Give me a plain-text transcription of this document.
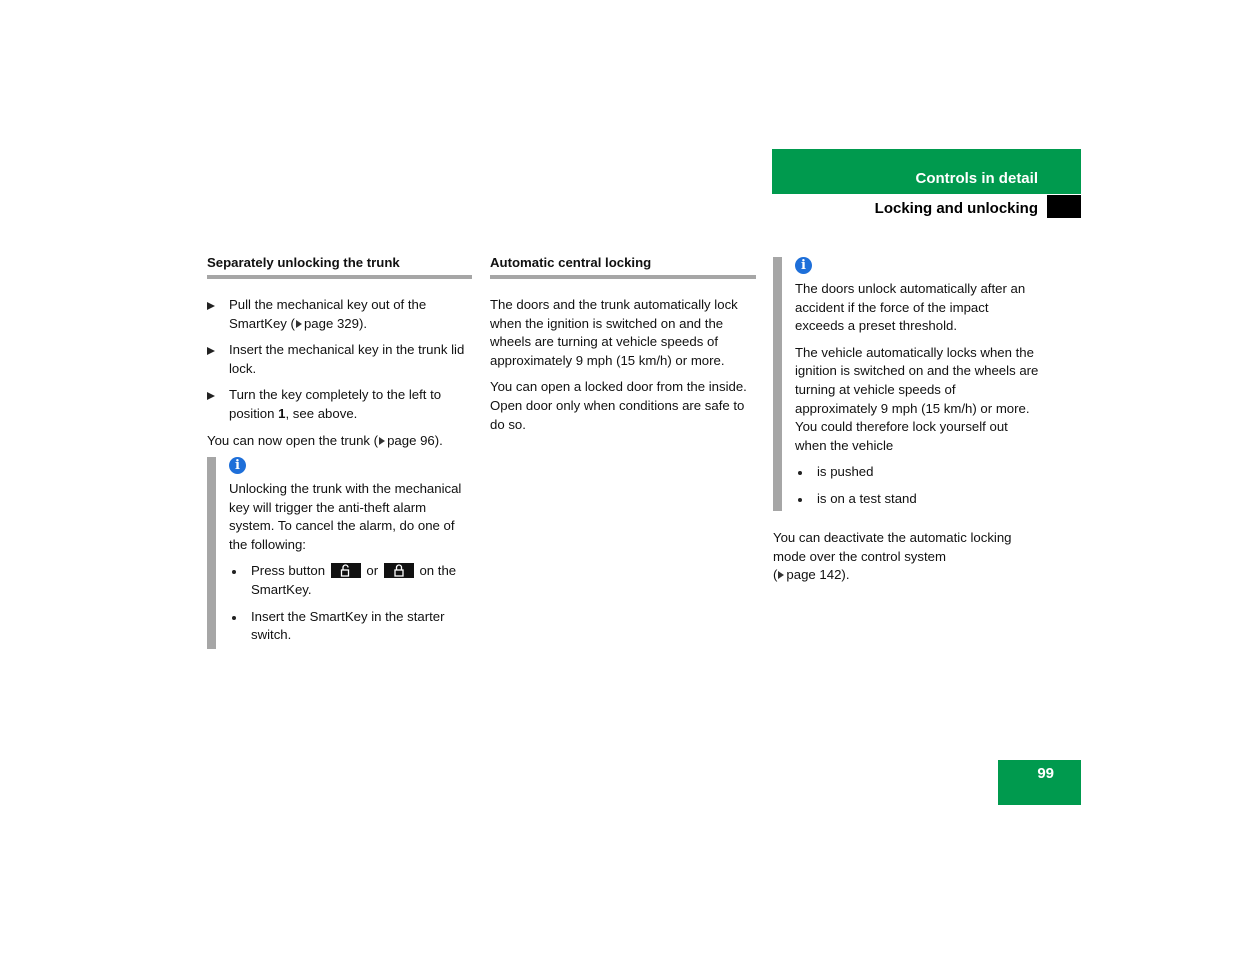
Controls in detail
Locking and unlocking
Separately unlocking the trunk
Pull the mechanical key out of the SmartKey ( page 329).
Insert the mechanical key in the trunk lid lock.
Turn the key completely to the left to position 1, see above.

You can now open the trunk ( page 96).

i

Unlocking the trunk with the mechanical key will trigger the anti-theft alarm system. To cancel the alarm, do one of the following:

Press button	or	on the SmartKey.
Insert the SmartKey in the starter switch.
Automatic central locking

The doors and the trunk automatically lock when the ignition is switched on and the wheels are turning at vehicle speeds of approximately 9 mph (15 km/h) or more.

You can open a locked door from the inside. Open door only when conditions are safe to do so.

i

The doors unlock automatically after an accident if the force of the impact exceeds a preset threshold.

The vehicle automatically locks when the ignition is switched on and the wheels are turning at vehicle speeds of approximately 9 mph (15 km/h) or more. You could therefore lock yourself out when the vehicle

is pushed
is on a test stand

You can deactivate the automatic locking mode over the control system
( page 142).

99
